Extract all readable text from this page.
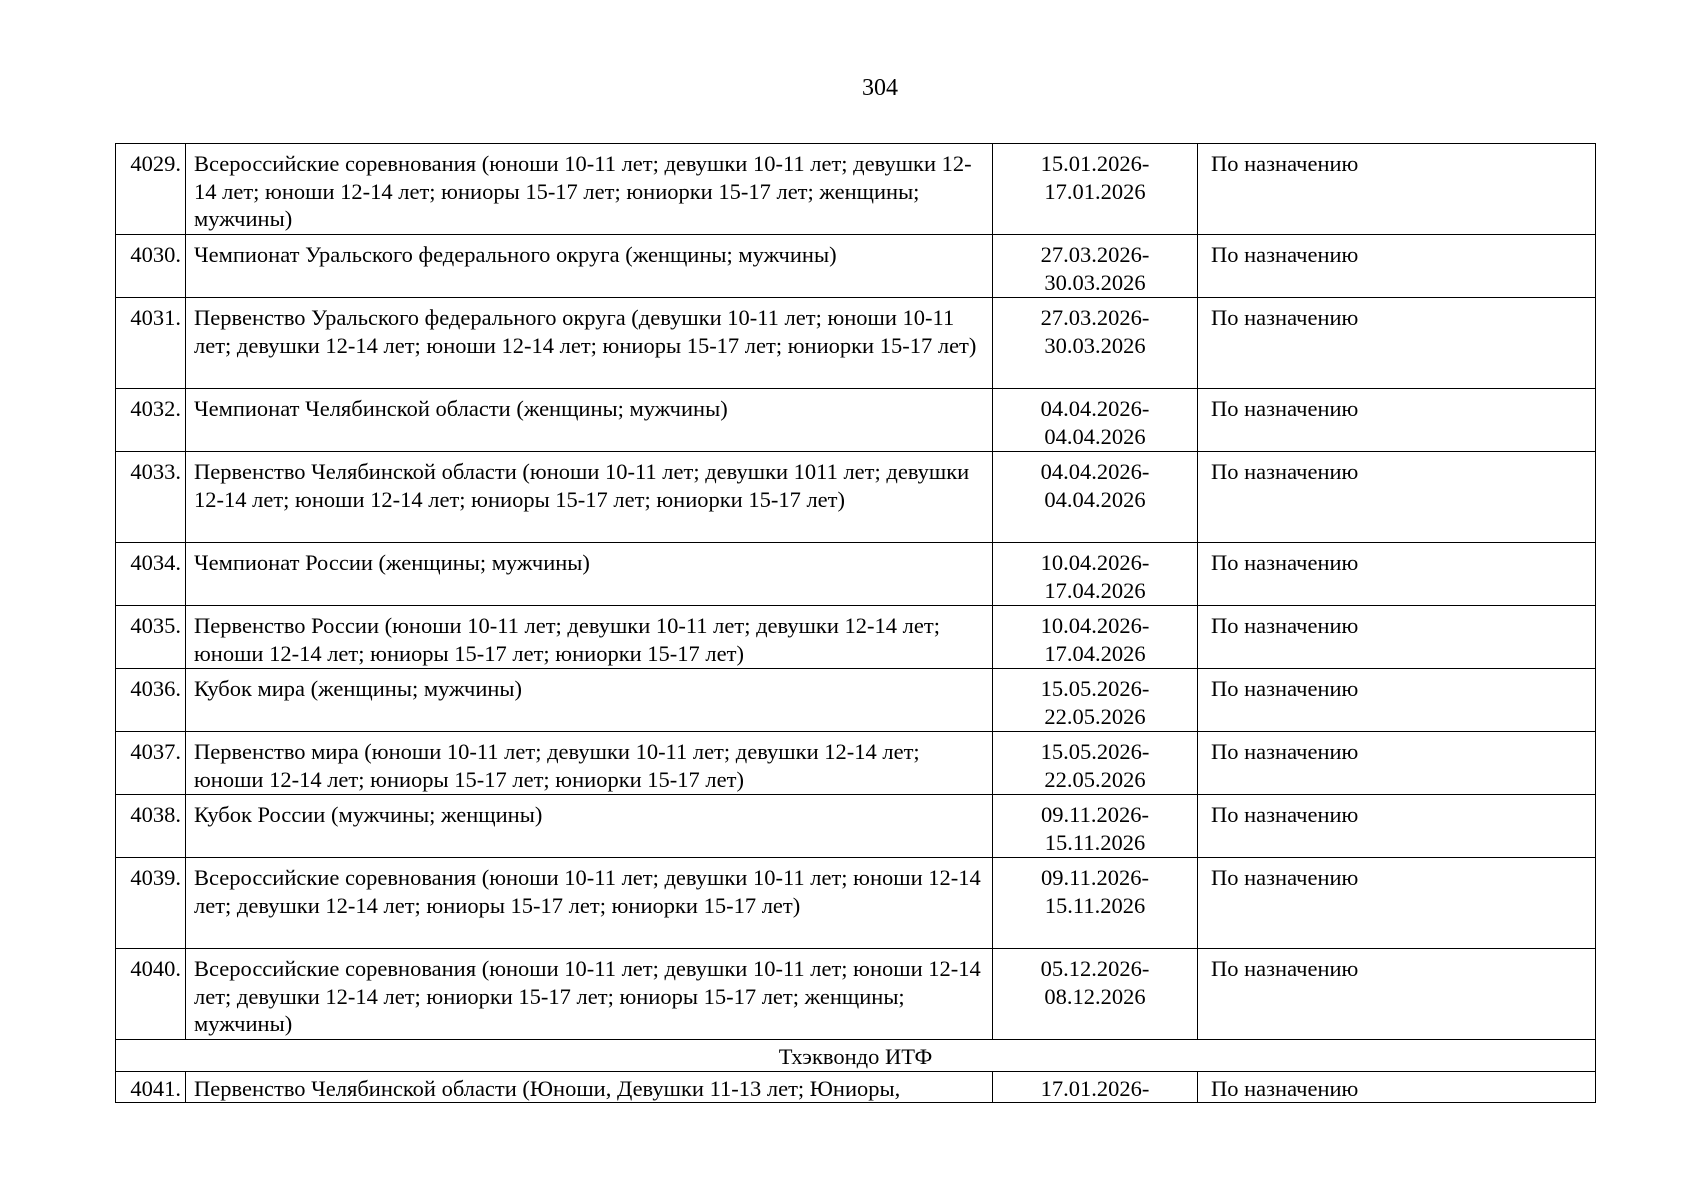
304
4029.	Всероссийские соревнования (юноши 10-11 лет; девушки 10-11 лет; девушки 12-14 лет; юноши 12-14 лет; юниоры 15-17 лет; юниорки 15-17 лет; женщины; мужчины)	15.01.2026-
17.01.2026	По назначению
4030.	Чемпионат Уральского федерального округа (женщины; мужчины)	27.03.2026-
30.03.2026	По назначению
4031.	Первенство Уральского федерального округа (девушки 10-11 лет; юноши 10-11 лет; девушки 12-14 лет; юноши 12-14 лет; юниоры 15-17 лет; юниорки 15-17 лет)	27.03.2026-
30.03.2026	По назначению
4032.	Чемпионат Челябинской области (женщины; мужчины)	04.04.2026-
04.04.2026	По назначению
4033.	Первенство Челябинской области (юноши 10-11 лет; девушки 1011 лет; девушки 12-14 лет; юноши 12-14 лет; юниоры 15-17 лет; юниорки 15-17 лет)	04.04.2026-
04.04.2026	По назначению
4034.	Чемпионат России (женщины; мужчины)	10.04.2026-
17.04.2026	По назначению
4035.	Первенство России (юноши 10-11 лет; девушки 10-11 лет; девушки 12-14 лет; юноши 12-14 лет; юниоры 15-17 лет; юниорки 15-17 лет)	10.04.2026-
17.04.2026	По назначению
4036.	Кубок мира (женщины; мужчины)	15.05.2026-
22.05.2026	По назначению
4037.	Первенство мира (юноши 10-11 лет; девушки 10-11 лет; девушки 12-14 лет; юноши 12-14 лет; юниоры 15-17 лет; юниорки 15-17 лет)	15.05.2026-
22.05.2026	По назначению
4038.	Кубок России (мужчины; женщины)	09.11.2026-
15.11.2026	По назначению
4039.	Всероссийские соревнования (юноши 10-11 лет; девушки 10-11 лет; юноши 12-14 лет; девушки 12-14 лет; юниоры 15-17 лет; юниорки 15-17 лет)	09.11.2026-
15.11.2026	По назначению
4040.	Всероссийские соревнования (юноши 10-11 лет; девушки 10-11 лет; юноши 12-14 лет; девушки 12-14 лет; юниорки 15-17 лет; юниоры 15-17 лет; женщины; мужчины)	05.12.2026-
08.12.2026	По назначению
Тхэквондо ИТФ			
4041.	Первенство Челябинской области (Юноши, Девушки 11-13 лет; Юниоры,	17.01.2026-	По назначению
